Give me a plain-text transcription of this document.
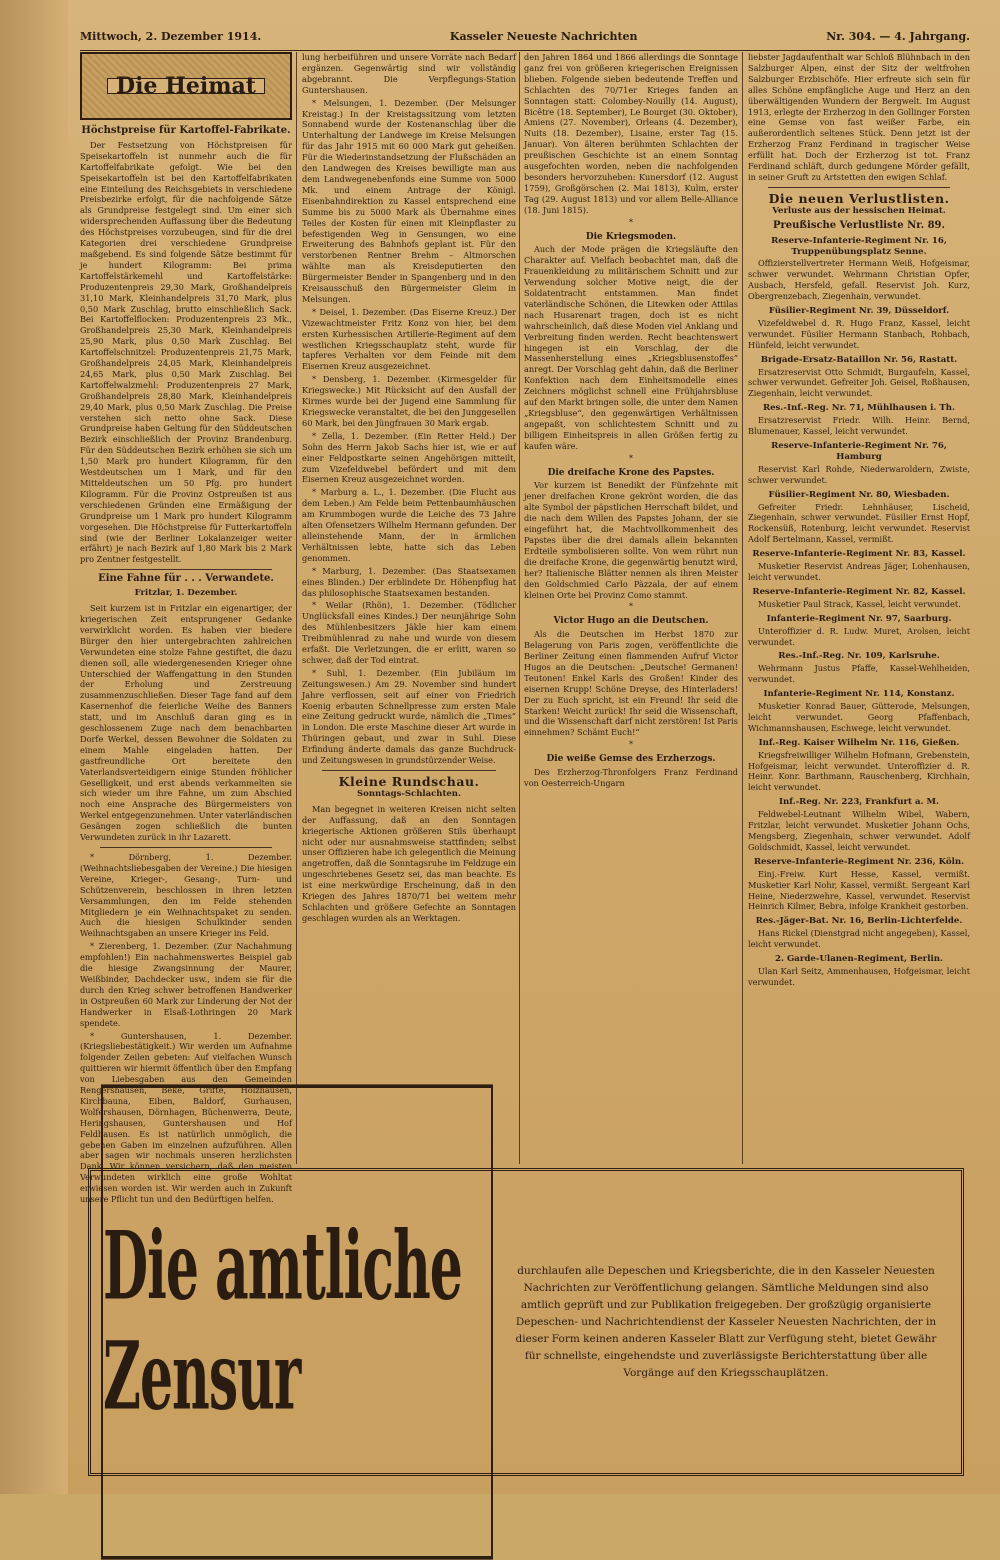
Mittwoch, 2. Dezember 1914.	Kasseler Neueste Nachrichten	Nr. 304. — 4. Jahrgang.
Die Heimat
Höchstpreise für Kartoffel-Fabrikate.

Der Festsetzung von Höchstpreisen für Speisekartoffeln ist nunmehr auch die für Kartoffelfabrikate gefolgt. Wie bei den Speisekartoffeln ist bei den Kartoffelfabrikaten eine Einteilung des Reichsgebiets in verschiedene Preisbezirke erfolgt, für die nachfolgende Sätze als Grundpreise festgelegt sind. Um einer sich widersprechenden Auffassung über die Bedeutung des Höchstpreises vorzubeugen, sind für die drei Kategorien drei verschiedene Grundpreise maßgebend. Es sind folgende Sätze bestimmt für je hundert Kilogramm: Bei prima Kartoffelstärkemehl und Kartoffelstärke: Produzentenpreis 29,30 Mark, Großhandelpreis 31,10 Mark, Kleinhandelpreis 31,70 Mark, plus 0,50 Mark Zuschlag, brutto einschließlich Sack. Bei Kartoffelflocken: Produzentenpreis 23 Mk., Großhandelpreis 25,30 Mark, Kleinhandelpreis 25,90 Mark, plus 0,50 Mark Zuschlag. Bei Kartoffelschnitzel: Produzentenpreis 21,75 Mark, Großhandelpreis 24,05 Mark, Kleinhandelpreis 24,65 Mark, plus 0,50 Mark Zuschlag. Bei Kartoffelwalzmehl: Produzentenpreis 27 Mark, Großhandelpreis 28,80 Mark, Kleinhandelpreis 29,40 Mark, plus 0,50 Mark Zuschlag. Die Preise verstehen sich netto ohne Sack. Diese Grundpreise haben Geltung für den Süddeutschen Bezirk einschließlich der Provinz Brandenburg. Für den Süddeutschen Bezirk erhöhen sie sich um 1,50 Mark pro hundert Kilogramm, für den Westdeutschen um 1 Mark, und für den Mitteldeutschen um 50 Pfg. pro hundert Kilogramm. Für die Provinz Ostpreußen ist aus verschiedenen Gründen eine Ermäßigung der Grundpreise um 1 Mark pro hundert Kilogramm vorgesehen. Die Höchstpreise für Futterkartoffeln sind (wie der Berliner Lokalanzeiger weiter erfährt) je nach Bezirk auf 1,80 Mark bis 2 Mark pro Zentner festgestellt.

Eine Fahne für . . . Verwandete.
Fritzlar, 1. Dezember.

Seit kurzem ist in Fritzlar ein eigenartiger, der kriegerischen Zeit entsprungener Gedanke verwirklicht worden. Es haben vier biedere Bürger den hier untergebrachten zahlreichen Verwundeten eine stolze Fahne gestiftet, die dazu dienen soll, alle wiedergenesenden Krieger ohne Unterschied der Waffengattung in den Stunden der Erholung und Zerstreuung zusammenzuschließen. Dieser Tage fand auf dem Kasernenhof die feierliche Weihe des Banners statt, und im Anschluß daran ging es in geschlossenem Zuge nach dem benachbarten Dorfe Werkel, dessen Bewohner die Soldaten zu einem Mahle eingeladen hatten. Der gastfreundliche Ort bereitete den Vaterlandsverteidigern einige Stunden fröhlicher Geselligkeit, und erst abends verkammelten sie sich wieder um ihre Fahne, um zum Abschied noch eine Ansprache des Bürgermeisters von Werkel entgegenzunehmen. Unter vaterländischen Gesängen zogen schließlich die bunten Verwundeten zurück in ihr Lazarett.

* Dörnberg, 1. Dezember. (Weihnachtsliebesgaben der Vereine.) Die hiesigen Vereine, Krieger-, Gesang-, Turn- und Schützenverein, beschlossen in ihren letzten Versammlungen, den im Felde stehenden Mitgliedern je ein Weihnachtspaket zu senden. Auch die hiesigen Schulkinder senden Weihnachtsgaben an unsere Krieger ins Feld.

* Zierenberg, 1. Dezember. (Zur Nachahmung empfohlen!) Ein nachahmenswertes Beispiel gab die hiesige Zwangsinnung der Maurer, Weißbinder, Dachdecker usw., indem sie für die durch den Krieg schwer betroffenen Handwerker in Ostpreußen 60 Mark zur Linderung der Not der Handwerker in Elsaß-Lothringen 20 Mark spendete.

* Guntershausen, 1. Dezember. (Kriegsliebestätigkeit.) Wir werden um Aufnahme folgender Zeilen gebeten: Auf vielfachen Wunsch quittieren wir hiermit öffentlich über den Empfang von Liebesgaben aus den Gemeinden Rengershausen, Beke, Grifte, Holzhausen, Kirchbauna, Eiben, Baldorf, Gurhausen, Wolfershausen, Dörnhagen, Büchenwerra, Deute, Heringshausen, Guntershausen und Hof Feldhausen. Es ist natürlich unmöglich, die gebenen Gaben im einzelnen aufzuführen. Allen aber sagen wir nochmals unseren herzlichsten Dank. Wir können versichern, daß den meisten Verwundeten wirklich eine große Wohltat erwiesen worden ist. Wir werden auch in Zukunft unsere Pflicht tun und den Bedürftigen helfen.

lung herbeiführen und unsere Vorräte nach Bedarf ergänzen. Gegenwärtig sind wir vollständig abgebrannt. Die Verpflegungs-Station Guntershausen.

* Melsungen, 1. Dezember. (Der Melsunger Kreistag.) In der Kreistagssitzung vom letzten Sonnabend wurde der Kostenanschlag über die Unterhaltung der Landwege im Kreise Melsungen für das Jahr 1915 mit 60 000 Mark gut geheißen. Für die Wiederinstandsetzung der Flußschäden an den Landwegen des Kreises bewilligte man aus dem Landwegenebenfonds eine Summe von 5000 Mk. und einem Antrage der Königl. Eisenbahndirektion zu Kassel entsprechend eine Summe bis zu 5000 Mark als Übernahme eines Teiles der Kosten für einen mit Kleinpflaster zu befestigenden Weg in Gensungen, wo eine Erweiterung des Bahnhofs geplant ist. Für den verstorbenen Rentner Brehm – Altmorschen wählte man als Kreisdeputierten den Bürgermeister Bender in Spangenberg und in den Kreisausschuß den Bürgermeister Gleim in Melsungen.

* Deisel, 1. Dezember. (Das Eiserne Kreuz.) Der Vizewachtmeister Fritz Konz von hier, bei dem ersten Kurhessischen Artillerie-Regiment auf dem westlichen Kriegsschauplatz steht, wurde für tapferes Verhalten vor dem Feinde mit dem Eisernen Kreuz ausgezeichnet.

* Densberg, 1. Dezember. (Kirmesgelder für Kriegswecke.) Mit Rücksicht auf den Ausfall der Kirmes wurde bei der Jugend eine Sammlung für Kriegswecke veranstaltet, die bei den Junggesellen 60 Mark, bei den Jüngfrauen 30 Mark ergab.

* Zella, 1. Dezember. (Ein Retter Held.) Der Sohn des Herrn Jakob Sachs hier ist, wie er auf einer Feldpostkarte seinen Angehörigen mitteilt, zum Vizefeldwebel befördert und mit dem Eisernen Kreuz ausgezeichnet worden.

* Marburg a. L., 1. Dezember. (Die Flucht aus dem Leben.) Am Felde beim Pettenbaumhäuschen am Krummbogen wurde die Leiche des 73 Jahre alten Ofensetzers Wilhelm Hermann gefunden. Der alleinstehende Mann, der in ärmlichen Verhältnissen lebte, hatte sich das Leben genommen.

* Marburg, 1. Dezember. (Das Staatsexamen eines Blinden.) Der erblindete Dr. Höhenpflug hat das philosophische Staatsexamen bestanden.

* Weilar (Rhön), 1. Dezember. (Tödlicher Unglücksfall eines Kindes.) Der neunjährige Sohn des Mühlenbesitzers Jäkle hier kam einem Treibmühlenrad zu nahe und wurde von diesem erfaßt. Die Verletzungen, die er erlitt, waren so schwer, daß der Tod eintrat.

* Suhl, 1. Dezember. (Ein Jubiläum im Zeitungswesen.) Am 29. November sind hundert Jahre verflossen, seit auf einer von Friedrich Koenig erbauten Schnellpresse zum ersten Male eine Zeitung gedruckt wurde, nämlich die „Times“ in London. Die erste Maschine dieser Art wurde in Thüringen gebaut, und zwar in Suhl. Diese Erfindung änderte damals das ganze Buchdruck- und Zeitungswesen in grundstürzender Weise.

Kleine Rundschau.
Sonntags-Schlachten.

Man begegnet in weiteren Kreisen nicht selten der Auffassung, daß an den Sonntagen kriegerische Aktionen größeren Stils überhaupt nicht oder nur ausnahmsweise stattfinden; selbst unser Offizieren habe ich gelegentlich die Meinung angetroffen, daß die Sonntagsruhe im Feldzuge ein ungeschriebenes Gesetz sei, das man beachte. Es ist eine merkwürdige Erscheinung, daß in den Kriegen des Jahres 1870/71 bei weitem mehr Schlachten und größere Gefechte an Sonntagen geschlagen wurden als an Werktagen.

den Jahren 1864 und 1866 allerdings die Sonntage ganz frei von größeren kriegerischen Ereignissen blieben. Folgende sieben bedeutende Treffen und Schlachten des 70/71er Krieges fanden an Sonntagen statt: Colombey-Nouilly (14. August), Bicêtre (18. September), Le Bourget (30. Oktober), Amiens (27. November), Orleans (4. Dezember), Nuits (18. Dezember), Lisaine, erster Tag (15. Januar). Von älteren berühmten Schlachten der preußischen Geschichte ist an einem Sonntag ausgefochten worden, neben die nachfolgenden besonders hervorzuheben: Kunersdorf (12. August 1759), Großgörschen (2. Mai 1813), Kulm, erster Tag (29. August 1813) und vor allem Belle-Alliance (18. Juni 1815).

*
Die Kriegsmoden.

Auch der Mode prägen die Kriegsläufte den Charakter auf. Vielfach beobachtet man, daß die Frauenkleidung zu militärischem Schnitt und zur Verwendung solcher Motive neigt, die der Soldatentracht entstammen. Man findet vaterländische Schönen, die Litewken oder Attilas nach Husarenart tragen, doch ist es nicht wahrscheinlich, daß diese Moden viel Anklang und Verbreitung finden werden. Recht beachtenswert hingegen ist ein Vorschlag, der die Massenherstellung eines „Kriegsblusenstoffes“ anregt. Der Vorschlag geht dahin, daß die Berliner Konfektion nach dem Einheitsmodelle eines Zeichners möglichst schnell eine Frühjahrsbluse auf den Markt bringen solle, die unter dem Namen „Kriegsbluse“, den gegenwärtigen Verhältnissen angepaßt, von schlichtestem Schnitt und zu billigem Einheitspreis in allen Größen fertig zu kaufen wäre.

*
Die dreifache Krone des Papstes.

Vor kurzem ist Benedikt der Fünfzehnte mit jener dreifachen Krone gekrönt worden, die das alte Symbol der päpstlichen Herrschaft bildet, und die nach dem Willen des Papstes Johann, der sie eingeführt hat, die Machtvollkommenheit des Papstes über die drei damals allein bekannten Erdteile symbolisieren sollte. Von wem rührt nun die dreifache Krone, die gegenwärtig benutzt wird, her? Italienische Blätter nennen als ihren Meister den Goldschmied Carlo Pàzzala, der auf einem kleinen Orte bei Provinz Como stammt.

*
Victor Hugo an die Deutschen.

Als die Deutschen im Herbst 1870 zur Belagerung von Paris zogen, veröffentlichte die Berliner Zeitung einen flammenden Aufruf Victor Hugos an die Deutschen: „Deutsche! Germanen! Teutonen! Enkel Karls des Großen! Kinder des eisernen Krupp! Schöne Dreyse, des Hinterladers! Der zu Euch spricht, ist ein Freund! Ihr seid die Starken! Weicht zurück! Ihr seid die Wissenschaft, und die Wissenschaft darf nicht zerstören! Ist Paris einnehmen? Schämt Euch!“

*
Die weiße Gemse des Erzherzogs.

Des Erzherzog-Thronfolgers Franz Ferdinand von Oesterreich-Ungarn

liebster Jagdaufenthalt war Schloß Blühnbach in den Salzburger Alpen, einst der Sitz der weltfrohen Salzburger Erzbischöfe. Hier erfreute sich sein für alles Schöne empfängliche Auge und Herz an den überwältigenden Wundern der Bergwelt. Im August 1913, erlegte der Erzherzog in den Gollinger Forsten eine Gemse von fast weißer Farbe, ein außerordentlich seltenes Stück. Denn jetzt ist der Erzherzog Franz Ferdinand in tragischer Weise erfüllt hat. Doch der Erzherzog ist tot. Franz Ferdinand schläft, durch gedungene Mörder gefällt, in seiner Gruft zu Artstetten den ewigen Schlaf.

Die neuen Verlustlisten.
Verluste aus der hessischen Heimat.
Preußische Verlustliste Nr. 89.
Reserve-Infanterie-Regiment Nr. 16, Truppenübungsplatz Senne.

Offizierstellvertreter Hermann Weiß, Hofgeismar, schwer verwundet. Wehrmann Christian Opfer, Ausbach, Hersfeld, gefall. Reservist Joh. Kurz, Obergrenzebach, Ziegenhain, verwundet.

Füsilier-Regiment Nr. 39, Düsseldorf.

Vizefeldwebel d. R. Hugo Franz, Kassel, leicht verwundet. Füsilier Hermann Stanbach, Rohbach, Hünfeld, leicht verwundet.

Brigade-Ersatz-Bataillon Nr. 56, Rastatt.

Ersatzreservist Otto Schmidt, Burgaufeln, Kassel, schwer verwundet. Gefreiter Joh. Geisel, Roßhausen, Ziegenhain, leicht verwundet.

Res.-Inf.-Reg. Nr. 71, Mühlhausen i. Th.

Ersatzreservist Friedr. Wilh. Heinr. Bernd, Blumenauer, Kassel, leicht verwundet.

Reserve-Infanterie-Regiment Nr. 76, Hamburg

Reservist Karl Rohde, Niederwaroldern, Zwiste, schwer verwundet.

Füsilier-Regiment Nr. 80, Wiesbaden.

Gefreiter Friedr. Lehnhäuser, Lischeid, Ziegenhain, schwer verwundet. Füsilier Ernst Hopf, Rockensüß, Rotenburg, leicht verwundet. Reservist Adolf Bertelmann, Kassel, vermißt.

Reserve-Infanterie-Regiment Nr. 83, Kassel.

Musketier Reservist Andreas Jäger, Lohenhausen, leicht verwundet.

Reserve-Infanterie-Regiment Nr. 82, Kassel.

Musketier Paul Strack, Kassel, leicht verwundet.

Infanterie-Regiment Nr. 97, Saarburg.

Unteroffizier d. R. Ludw. Muret, Arolsen, leicht verwundet.

Res.-Inf.-Reg. Nr. 109, Karlsruhe.

Wehrmann Justus Pfaffe, Kassel-Wehlheiden, verwundet.

Infanterie-Regiment Nr. 114, Konstanz.

Musketier Konrad Bauer, Gütterode, Melsungen, leicht verwundet. Georg Pfaffenbach, Wichmannshausen, Eschwege, leicht verwundet.

Inf.-Reg. Kaiser Wilhelm Nr. 116, Gießen.

Kriegsfreiwilliger Wilhelm Hofmann, Grebenstein, Hofgeismar, leicht verwundet. Unteroffizier d. R. Heinr. Konr. Barthmann, Rauschenberg, Kirchhain, leicht verwundet.

Inf.-Reg. Nr. 223, Frankfurt a. M.

Feldwebel-Leutnant Wilhelm Wibel, Wabern, Fritzlar, leicht verwundet. Musketier Johann Ochs, Mengsberg, Ziegenhain, schwer verwundet. Adolf Goldschmidt, Kassel, leicht verwundet.

Reserve-Infanterie-Regiment Nr. 236, Köln.

Einj.-Freiw. Kurt Hesse, Kassel, vermißt. Musketier Karl Nohr, Kassel, vermißt. Sergeant Karl Heine, Niederzwehre, Kassel, verwundet. Reservist Heinrich Kilmer, Bebra, infolge Krankheit gestorben.

Res.-Jäger-Bat. Nr. 16, Berlin-Lichterfelde.

Hans Rickel (Dienstgrad nicht angegeben), Kassel, leicht verwundet.

2. Garde-Ulanen-Regiment, Berlin.

Ulan Karl Seitz, Ammenhausen, Hofgeismar, leicht verwundet.

Die amtliche Zensur
durchlaufen alle Depeschen und Kriegsberichte, die in den Kasseler Neuesten Nachrichten zur Veröffentlichung gelangen. Sämtliche Meldungen sind also amtlich geprüft und zur Publikation freigegeben. Der großzügig organisierte Depeschen- und Nachrichtendienst der Kasseler Neuesten Nachrichten, der in dieser Form keinen anderen Kasseler Blatt zur Verfügung steht, bietet Gewähr für schnellste, eingehendste und zuverlässigste Berichterstattung über alle Vorgänge auf den Kriegsschauplätzen.
